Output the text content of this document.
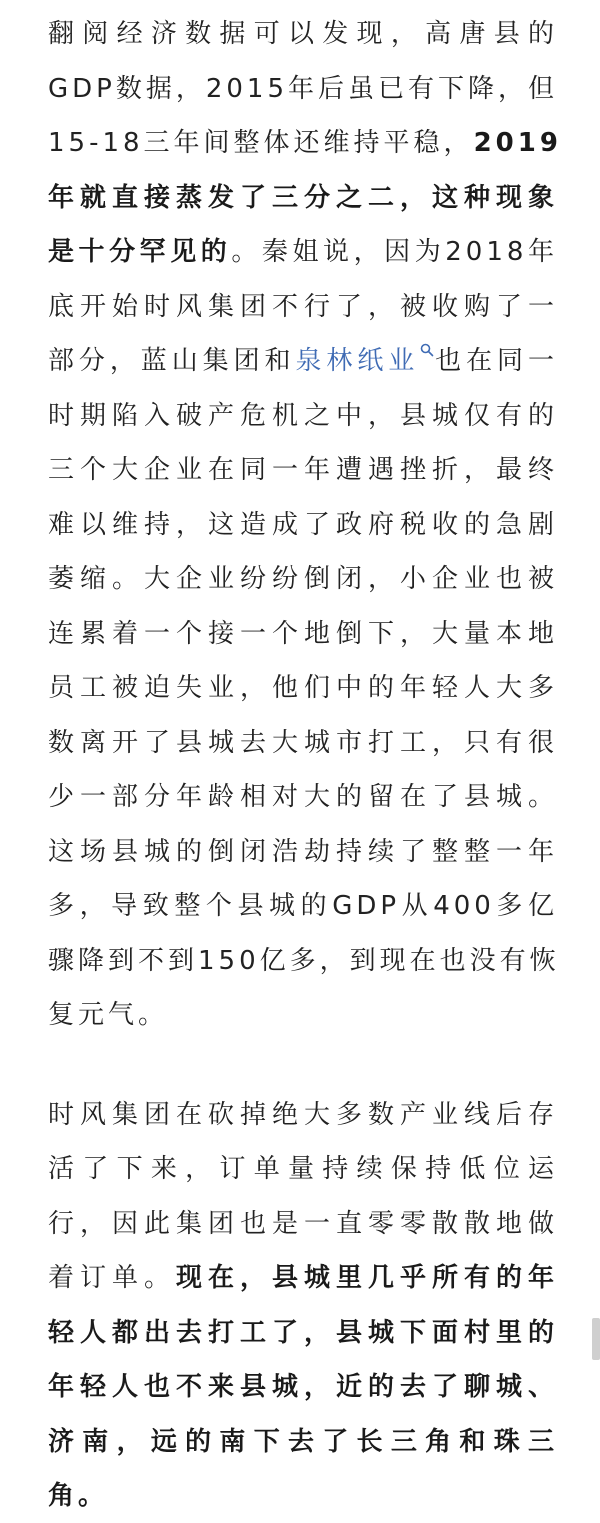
翻阅经济数据可以发现，高唐县的
GDP数据，2015年后虽已有下降，但
15-18三年间整体还维持平稳，2019
年就直接蒸发了三分之二，这种现象
是十分罕见的。秦姐说，因为2018年
底开始时风集团不行了，被收购了一
部分，蓝山集团和泉林纸业 也在同一
时期陷入破产危机之中，县城仅有的
三个大企业在同一年遭遇挫折，最终
难以维持，这造成了政府税收的急剧
萎缩。大企业纷纷倒闭，小企业也被
连累着一个接一个地倒下，大量本地
员工被迫失业，他们中的年轻人大多
数离开了县城去大城市打工，只有很
少一部分年龄相对大的留在了县城。
这场县城的倒闭浩劫持续了整整一年
多，导致整个县城的GDP从400多亿
骤降到不到150亿多，到现在也没有恢
复元气。
时风集团在砍掉绝大多数产业线后存
活了下来，订单量持续保持低位运
行，因此集团也是一直零零散散地做
着订单。现在，县城里几乎所有的年
轻人都出去打工了，县城下面村里的
年轻人也不来县城，近的去了聊城、
济南，远的南下去了长三角和珠三
角。
